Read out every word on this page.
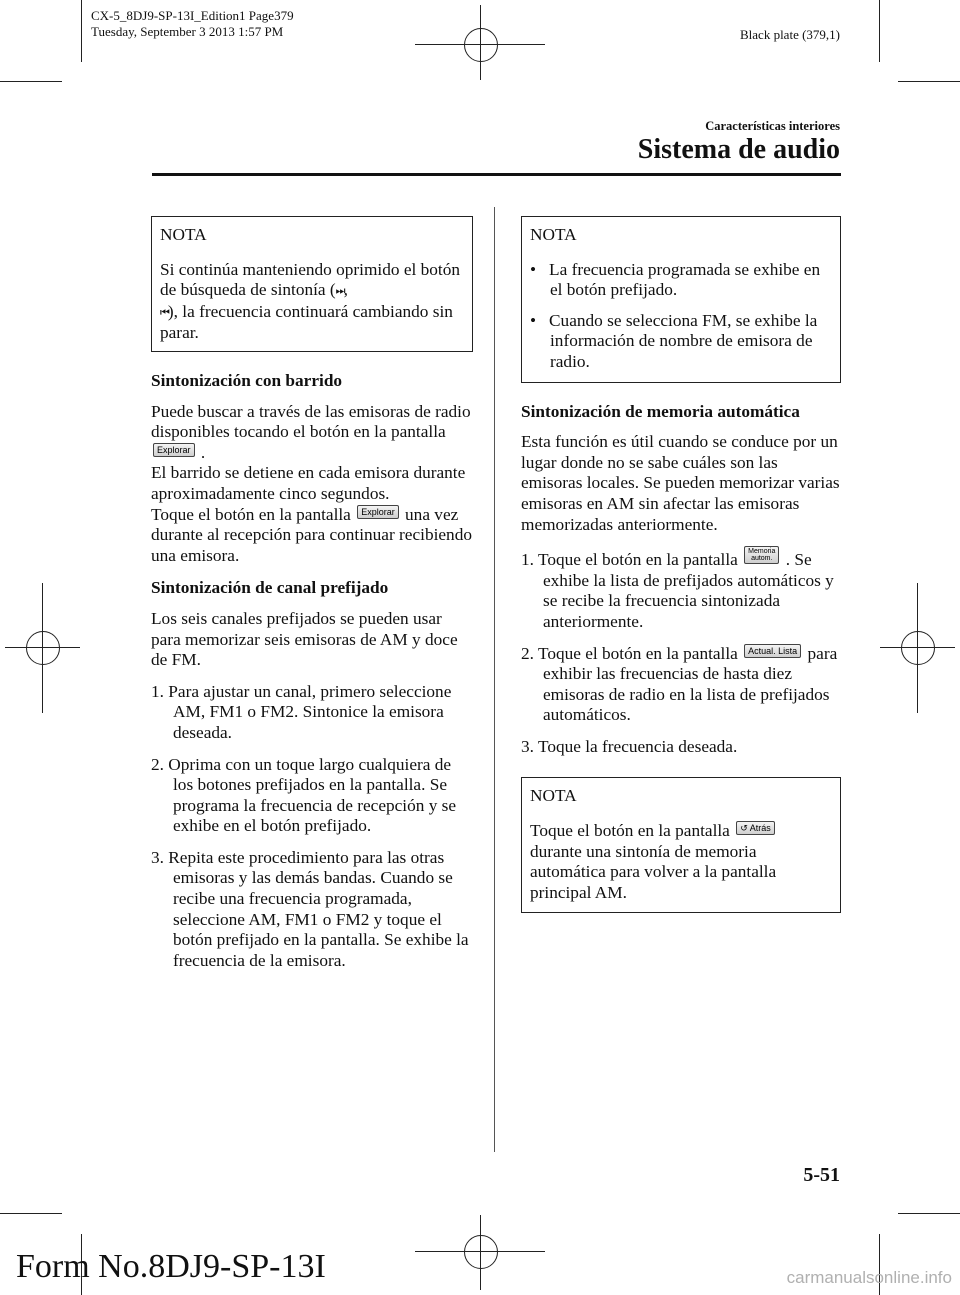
CX-5_8DJ9-SP-13I_Edition1 Page379
Tuesday, September 3 2013 1:57 PM	Black plate (379,1)
Características interiores
Sistema de audio

NOTA

Si continúa manteniendo oprimido el botón de búsqueda de sintonía (⏭,
⏮), la frecuencia continuará cambiando sin parar.

Sintonización con barrido

Puede buscar a través de las emisoras de radio disponibles tocando el botón en la pantalla Explorar .

El barrido se detiene en cada emisora durante aproximadamente cinco segundos.

Toque el botón en la pantalla Explorar una vez durante al recepción para continuar recibiendo una emisora.

Sintonización de canal prefijado

Los seis canales prefijados se pueden usar para memorizar seis emisoras de AM y doce de FM.

1. Para ajustar un canal, primero seleccione AM, FM1 o FM2. Sintonice la emisora deseada.

2. Oprima con un toque largo cualquiera de los botones prefijados en la pantalla. Se programa la frecuencia de recepción y se exhibe en el botón prefijado.

3. Repita este procedimiento para las otras emisoras y las demás bandas. Cuando se recibe una frecuencia programada, seleccione AM, FM1 o FM2 y toque el botón prefijado en la pantalla. Se exhibe la frecuencia de la emisora.

NOTA

• La frecuencia programada se exhibe en el botón prefijado.

• Cuando se selecciona FM, se exhibe la información de nombre de emisora de radio.

Sintonización de memoria automática

Esta función es útil cuando se conduce por un lugar donde no se sabe cuáles son las emisoras locales. Se pueden memorizar varias emisoras en AM sin afectar las emisoras memorizadas anteriormente.

1. Toque el botón en la pantalla Memoria
autom. . Se exhibe la lista de prefijados automáticos y se recibe la frecuencia sintonizada anteriormente.

2. Toque el botón en la pantalla Actual. Lista para exhibir las frecuencias de hasta diez emisoras de radio en la lista de prefijados automáticos.

3. Toque la frecuencia deseada.

NOTA

Toque el botón en la pantalla ↺ Atrás durante una sintonía de memoria automática para volver a la pantalla principal AM.

5-51
Form No.8DJ9-SP-13I	carmanualsonline.info
